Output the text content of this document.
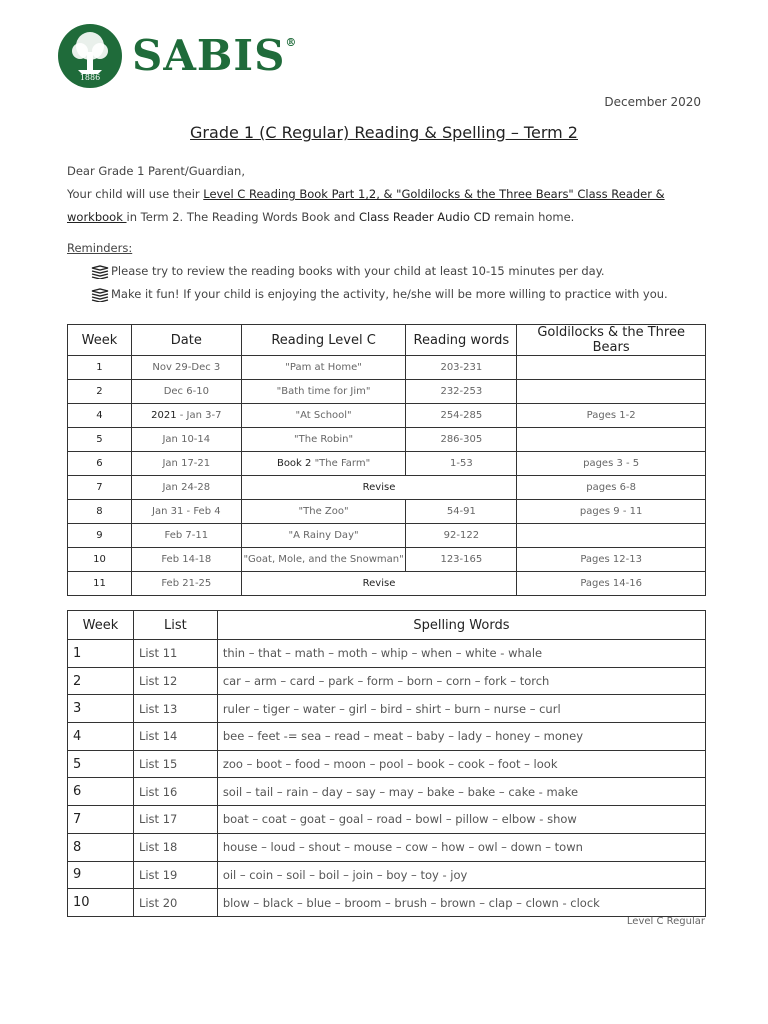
1886 SABIS®
December 2020
Grade 1 (C Regular) Reading & Spelling – Term 2

Dear Grade 1 Parent/Guardian,

Your child will use their Level C Reading Book Part 1,2, & "Goldilocks & the Three Bears" Class Reader &
workbook in Term 2. The Reading Words Book and Class Reader Audio CD remain home.

Reminders:

Please try to review the reading books with your child at least 10-15 minutes per day.
Make it fun! If your child is enjoying the activity, he/she will be more willing to practice with you.
Week	Date	Reading Level C	Reading words	Goldilocks & the Three Bears
1	Nov 29-Dec 3	"Pam at Home"	203-231	
2	Dec 6-10	"Bath time for Jim"	232-253	
4	2021 - Jan 3-7	"At School"	254-285	Pages 1-2
5	Jan 10-14	"The Robin"	286-305	
6	Jan 17-21	Book 2 "The Farm"	1-53	pages 3 - 5
7	Jan 24-28	Revise		pages 6-8
8	Jan 31 - Feb 4	"The Zoo"	54-91	pages 9 - 11
9	Feb 7-11	"A Rainy Day"	92-122	
10	Feb 14-18	"Goat, Mole, and the Snowman"	123-165	Pages 12-13
11	Feb 21-25	Revise		Pages 14-16
Week	List	Spelling Words
1	List 11	thin – that – math – moth – whip – when – white - whale
2	List 12	car – arm – card – park – form – born – corn – fork – torch
3	List 13	ruler – tiger – water – girl – bird – shirt – burn – nurse – curl
4	List 14	bee – feet -= sea – read – meat – baby – lady – honey – money
5	List 15	zoo – boot – food – moon – pool – book – cook – foot – look
6	List 16	soil – tail – rain – day – say – may – bake – bake – cake - make
7	List 17	boat – coat – goat – goal – road – bowl – pillow – elbow - show
8	List 18	house – loud – shout – mouse – cow – how – owl – down – town
9	List 19	oil – coin – soil – boil – join – boy – toy - joy
10	List 20	blow – black – blue – broom – brush – brown – clap – clown - clock
Level C Regular
